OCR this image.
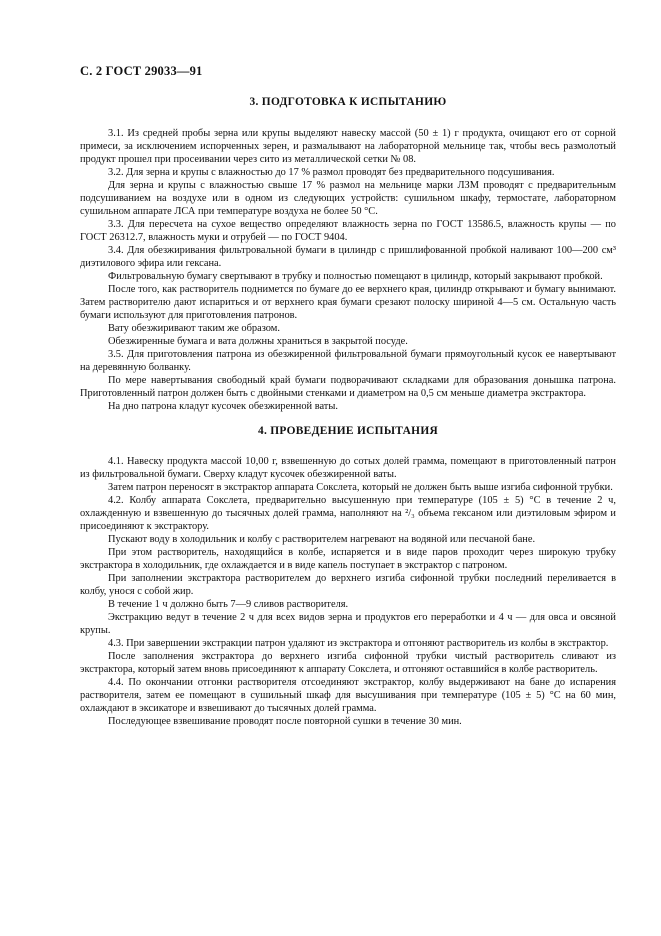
С. 2 ГОСТ 29033—91
3. ПОДГОТОВКА К ИСПЫТАНИЮ

3.1. Из средней пробы зерна или крупы выделяют навеску массой (50 ± 1) г продукта, очищают его от сорной примеси, за исключением испорченных зерен, и размалывают на лабораторной мельнице так, чтобы весь размолотый продукт прошел при просеивании через сито из металлической сетки № 08.

3.2. Для зерна и крупы с влажностью до 17 % размол проводят без предварительного подсушивания.

Для зерна и крупы с влажностью свыше 17 % размол на мельнице марки ЛЗМ проводят с предварительным подсушиванием на воздухе или в одном из следующих устройств: сушильном шкафу, термостате, лабораторном сушильном аппарате ЛСА при температуре воздуха не более 50 °С.

3.3. Для пересчета на сухое вещество определяют влажность зерна по ГОСТ 13586.5, влажность крупы — по ГОСТ 26312.7, влажность муки и отрубей — по ГОСТ 9404.

3.4. Для обезжиривания фильтровальной бумаги в цилиндр с пришлифованной пробкой наливают 100—200 см³ диэтилового эфира или гексана.

Фильтровальную бумагу свертывают в трубку и полностью помещают в цилиндр, который закрывают пробкой.

После того, как растворитель поднимется по бумаге до ее верхнего края, цилиндр открывают и бумагу вынимают. Затем растворителю дают испариться и от верхнего края бумаги срезают полоску шириной 4—5 см. Остальную часть бумаги используют для приготовления патронов.

Вату обезжиривают таким же образом.

Обезжиренные бумага и вата должны храниться в закрытой посуде.

3.5. Для приготовления патрона из обезжиренной фильтровальной бумаги прямоугольный кусок ее навертывают на деревянную болванку.

По мере навертывания свободный край бумаги подворачивают складками для образования донышка патрона. Приготовленный патрон должен быть с двойными стенками и диаметром на 0,5 см меньше диаметра экстрактора.

На дно патрона кладут кусочек обезжиренной ваты.

4. ПРОВЕДЕНИЕ ИСПЫТАНИЯ

4.1. Навеску продукта массой 10,00 г, взвешенную до сотых долей грамма, помещают в приготовленный патрон из фильтровальной бумаги. Сверху кладут кусочек обезжиренной ваты.

Затем патрон переносят в экстрактор аппарата Сокслета, который не должен быть выше изгиба сифонной трубки.

4.2. Колбу аппарата Сокслета, предварительно высушенную при температуре (105 ± 5) °С в течение 2 ч, охлажденную и взвешенную до тысячных долей грамма, наполняют на ²/₃ объема гексаном или диэтиловым эфиром и присоединяют к экстрактору.

Пускают воду в холодильник и колбу с растворителем нагревают на водяной или песчаной бане.

При этом растворитель, находящийся в колбе, испаряется и в виде паров проходит через широкую трубку экстрактора в холодильник, где охлаждается и в виде капель поступает в экстрактор с патроном.

При заполнении экстрактора растворителем до верхнего изгиба сифонной трубки последний переливается в колбу, унося с собой жир.

В течение 1 ч должно быть 7—9 сливов растворителя.

Экстракцию ведут в течение 2 ч для всех видов зерна и продуктов его переработки и 4 ч — для овса и овсяной крупы.

4.3. При завершении экстракции патрон удаляют из экстрактора и отгоняют растворитель из колбы в экстрактор.

После заполнения экстрактора до верхнего изгиба сифонной трубки чистый растворитель сливают из экстрактора, который затем вновь присоединяют к аппарату Сокслета, и отгоняют оставшийся в колбе растворитель.

4.4. По окончании отгонки растворителя отсоединяют экстрактор, колбу выдерживают на бане до испарения растворителя, затем ее помещают в сушильный шкаф для высушивания при температуре (105 ± 5) °С на 60 мин, охлаждают в эксикаторе и взвешивают до тысячных долей грамма.

Последующее взвешивание проводят после повторной сушки в течение 30 мин.
